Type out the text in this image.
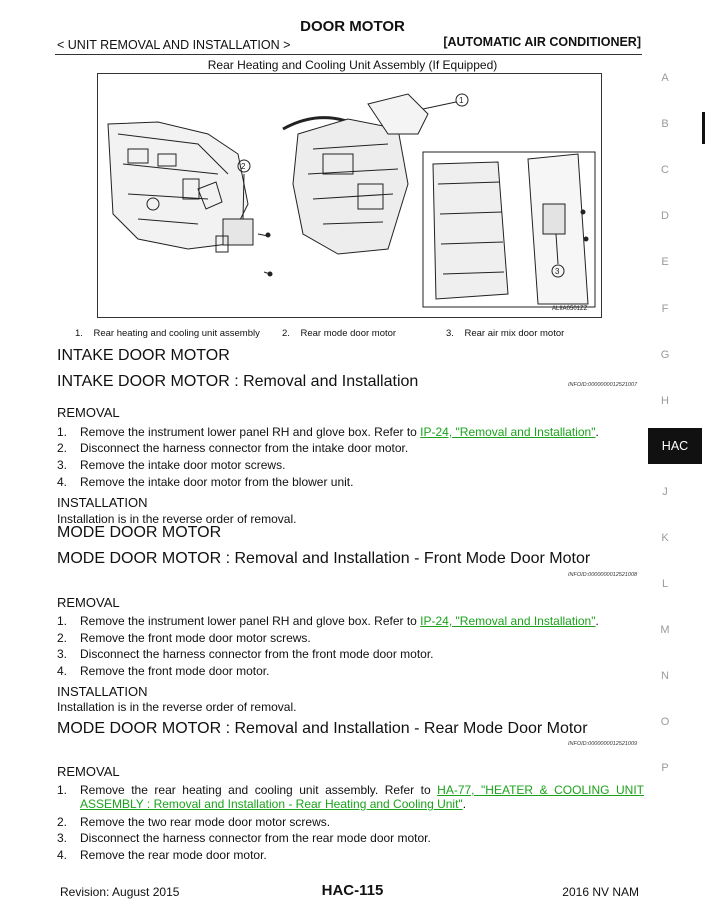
DOOR MOTOR
< UNIT REMOVAL AND INSTALLATION >	[AUTOMATIC AIR CONDITIONER]
Rear Heating and Cooling Unit Assembly (If Equipped)
2
1
3
ALIIA0501ZZ
1. Rear heating and cooling unit assembly 2. Rear mode door motor	3. Rear air mix door motor
INTAKE DOOR MOTOR
INTAKE DOOR MOTOR : Removal and Installation	INFOID:0000000012521007
REMOVAL
1. Remove the instrument lower panel RH and glove box. Refer to IP-24, "Removal and Installation".
2. Disconnect the harness connector from the intake door motor.
3. Remove the intake door motor screws.
4. Remove the intake door motor from the blower unit.
INSTALLATION
Installation is in the reverse order of removal.
MODE DOOR MOTOR
MODE DOOR MOTOR : Removal and Installation - Front Mode Door Motor
INFOID:0000000012521008
REMOVAL
1. Remove the instrument lower panel RH and glove box. Refer to IP-24, "Removal and Installation".
2. Remove the front mode door motor screws.
3. Disconnect the harness connector from the front mode door motor.
4. Remove the front mode door motor.
INSTALLATION
Installation is in the reverse order of removal.
MODE DOOR MOTOR : Removal and Installation - Rear Mode Door Motor
INFOID:0000000012521009
REMOVAL
1.	Remove the rear heating and cooling unit assembly. Refer to HA-77, "HEATER & COOLING UNIT ASSEMBLY : Removal and Installation - Rear Heating and Cooling Unit".
2. Remove the two rear mode door motor screws.
3. Disconnect the harness connector from the rear mode door motor.
4. Remove the rear mode door motor.
A
B
C
D
E
F
G
H
J
K
L
M
N
O
P
HAC
Revision: August 2015	HAC-115	2016 NV NAM
